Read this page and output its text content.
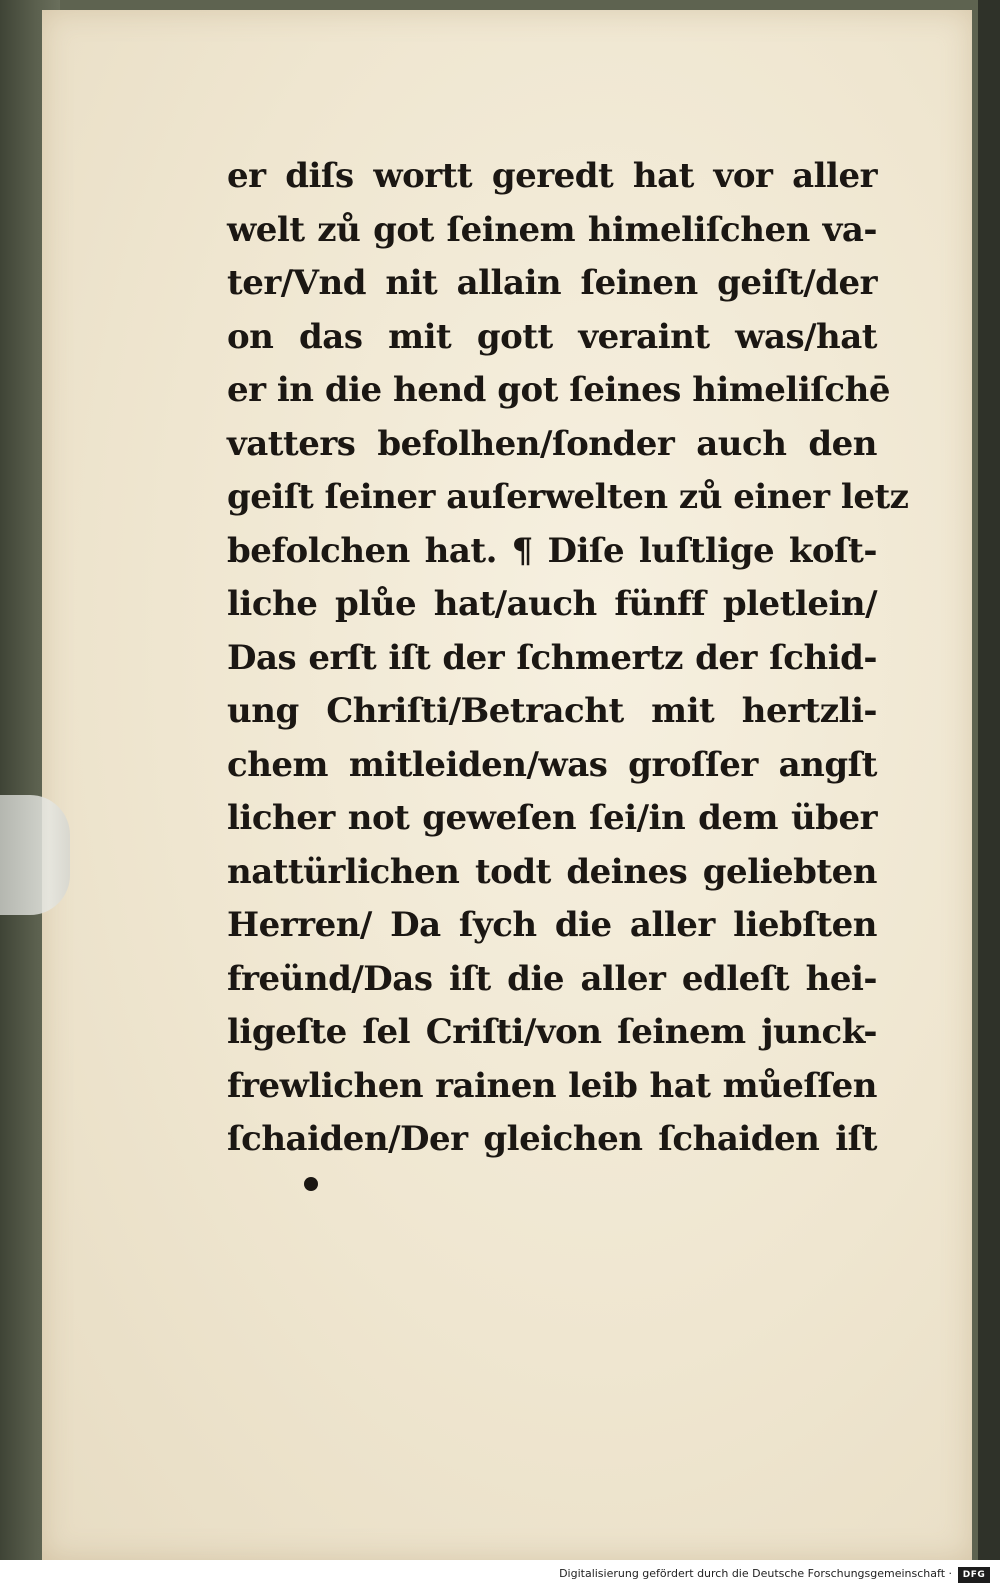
er diſs wortt geredt hat vor aller
welt zů got ſeinem himeliſchen va-
ter/Vnd nit allain ſeinen geiſt/der
on das mit gott veraint was/hat
er in die hend got ſeines himeliſchē
vatters befolhen/ſonder auch den
geiſt ſeiner auſerwelten zů einer letz
befolchen hat. ¶ Diſe luſtlige koſt-
liche plůe hat/auch fünff pletlein/
Das erſt iſt der ſchmertz der ſchid-
ung Chriſti/Betracht mit hertzli-
chem mitleiden/was groſſer angſt
licher not geweſen ſei/in dem über
nattürlichen todt deines geliebten
Herren/ Da ſych die aller liebſten
freünd/Das iſt die aller edleſt hei-
ligeſte ſel Criſti/von ſeinem junck-
frewlichen rainen leib hat můeſſen
ſchaiden/Der gleichen ſchaiden iſt
Digitalisierung gefördert durch die Deutsche Forschungsgemeinschaft ·	DFG
